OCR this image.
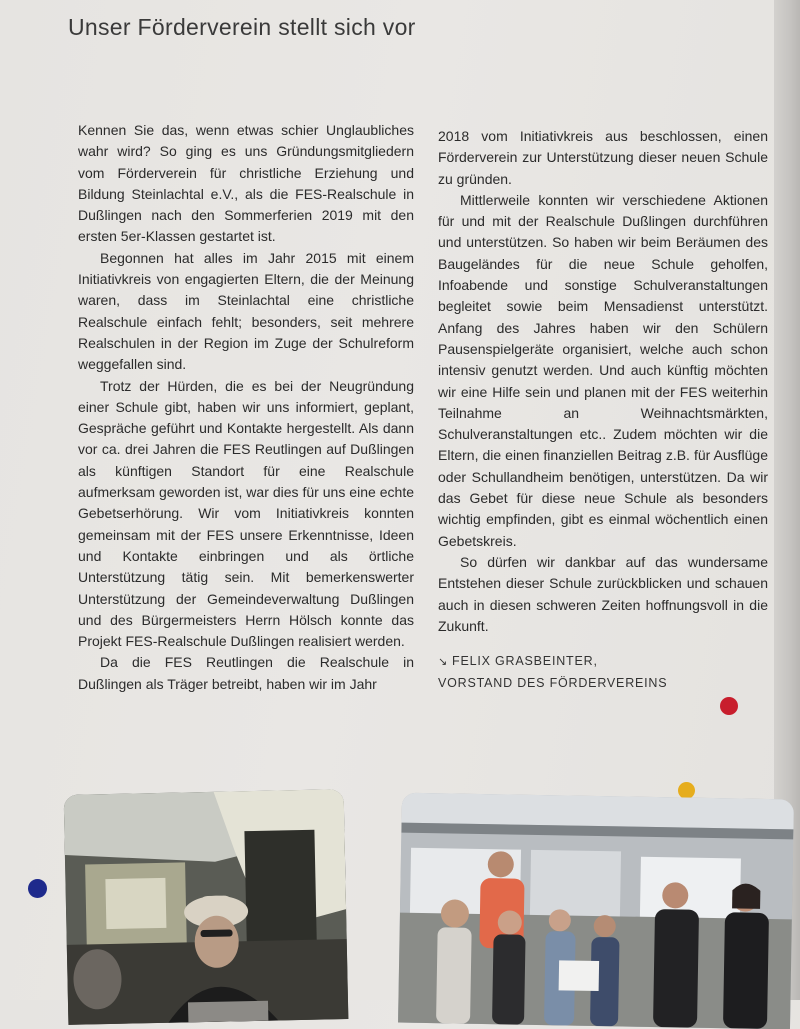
Unser Förderverein stellt sich vor

Kennen Sie das, wenn etwas schier Unglaubliches wahr wird? So ging es uns Gründungsmitgliedern vom Förderverein für christliche Erziehung und Bildung Steinlachtal e.V., als die FES-Realschule in Dußlingen nach den Sommerferien 2019 mit den ersten 5er-Klassen gestartet ist.

Begonnen hat alles im Jahr 2015 mit einem Initiativkreis von engagierten Eltern, die der Meinung waren, dass im Steinlachtal eine christliche Realschule einfach fehlt; besonders, seit mehrere Realschulen in der Region im Zuge der Schulreform weggefallen sind.

Trotz der Hürden, die es bei der Neugründung einer Schule gibt, haben wir uns informiert, geplant, Gespräche geführt und Kontakte hergestellt. Als dann vor ca. drei Jahren die FES Reutlingen auf Dußlingen als künftigen Standort für eine Realschule aufmerksam geworden ist, war dies für uns eine echte Gebetserhörung. Wir vom Initiativkreis konnten gemeinsam mit der FES unsere Erkenntnisse, Ideen und Kontakte einbringen und als örtliche Unterstützung tätig sein. Mit bemerkenswerter Unterstützung der Gemeindeverwaltung Dußlingen und des Bürgermeisters Herrn Hölsch konnte das Projekt FES-Realschule Dußlingen realisiert werden.

Da die FES Reutlingen die Realschule in Dußlingen als Träger betreibt, haben wir im Jahr

2018 vom Initiativkreis aus beschlossen, einen Förderverein zur Unterstützung dieser neuen Schule zu gründen.

Mittlerweile konnten wir verschiedene Aktionen für und mit der Realschule Dußlingen durchführen und unterstützen. So haben wir beim Beräumen des Baugeländes für die neue Schule geholfen, Infoabende und sonstige Schulveranstaltungen begleitet sowie beim Mensadienst unterstützt. Anfang des Jahres haben wir den Schülern Pausenspielgeräte organisiert, welche auch schon intensiv genutzt werden. Und auch künftig möchten wir eine Hilfe sein und planen mit der FES weiterhin Teilnahme an Weihnachtsmärkten, Schulveranstaltungen etc.. Zudem möchten wir die Eltern, die einen finanziellen Beitrag z.B. für Ausflüge oder Schullandheim benötigen, unterstützen. Da wir das Gebet für diese neue Schule als besonders wichtig empfinden, gibt es einmal wöchentlich einen Gebetskreis.

So dürfen wir dankbar auf das wundersame Entstehen dieser Schule zurückblicken und schauen auch in diesen schweren Zeiten hoffnungsvoll in die Zukunft.

↘ FELIX GRASBEINTER,
VORSTAND DES FÖRDERVEREINS
